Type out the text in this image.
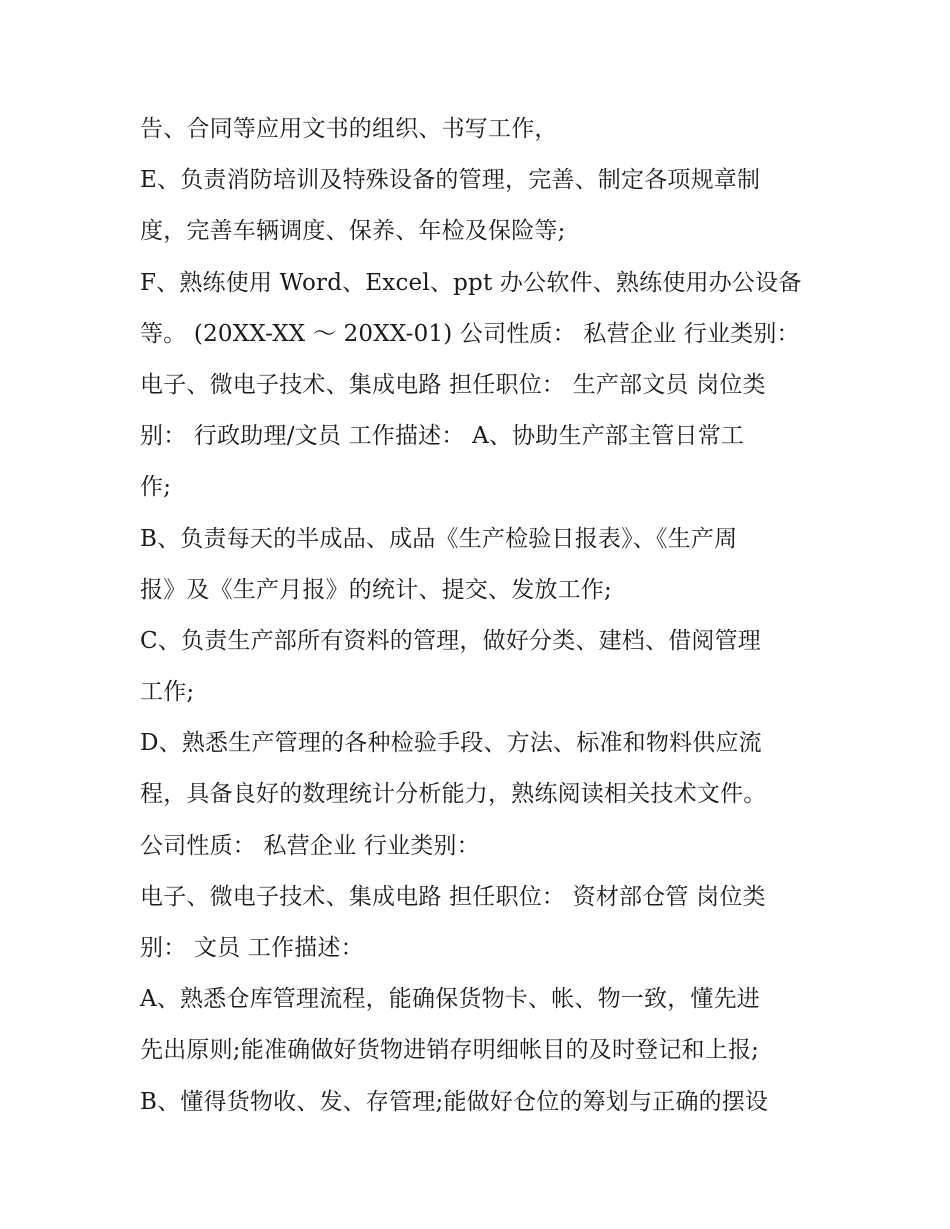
告、合同等应用文书的组织、书写工作，
E、负责消防培训及特殊设备的管理，完善、制定各项规章制
度，完善车辆调度、保养、年检及保险等;
F、熟练使用 Word、Excel、ppt 办公软件、熟练使用办公设备
等。 (20XX-XX ～ 20XX-01) 公司性质： 私营企业 行业类别：
电子、微电子技术、集成电路 担任职位： 生产部文员 岗位类
别： 行政助理/文员 工作描述： A、协助生产部主管日常工
作;
B、负责每天的半成品、成品《生产检验日报表》、《生产周
报》及《生产月报》的统计、提交、发放工作;
C、负责生产部所有资料的管理，做好分类、建档、借阅管理
工作;
D、熟悉生产管理的各种检验手段、方法、标准和物料供应流
程，具备良好的数理统计分析能力，熟练阅读相关技术文件。
公司性质： 私营企业 行业类别：
电子、微电子技术、集成电路 担任职位： 资材部仓管 岗位类
别： 文员 工作描述：
A、熟悉仓库管理流程，能确保货物卡、帐、物一致，懂先进
先出原则;能准确做好货物进销存明细帐目的及时登记和上报;
B、懂得货物收、发、存管理;能做好仓位的筹划与正确的摆设
